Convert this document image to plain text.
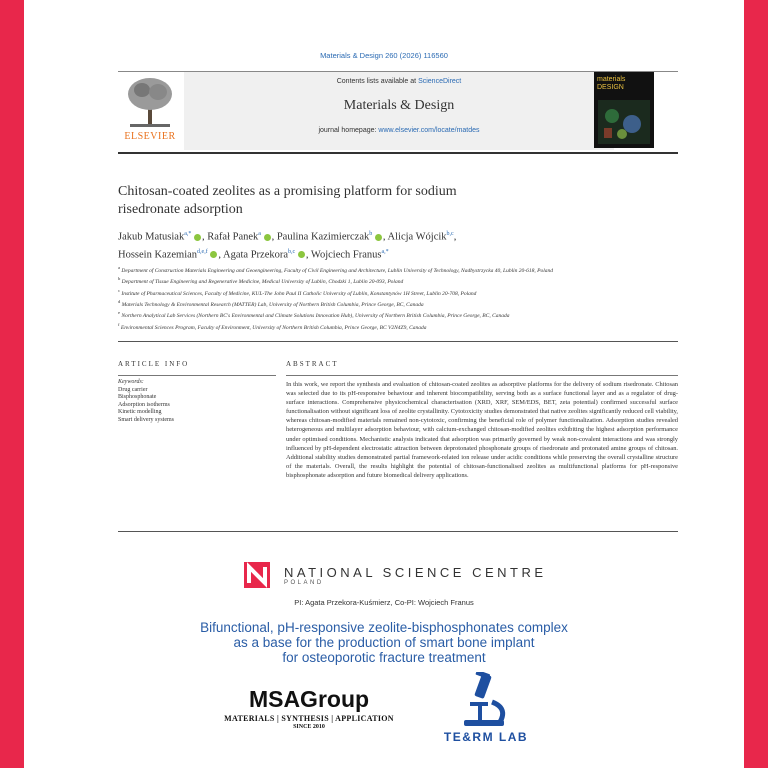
Materials & Design 260 (2026) 116560
ELSEVIER
Contents lists available at ScienceDirect
Materials & Design
journal homepage: www.elsevier.com/locate/matdes
materials
DESIGN
Chitosan-coated zeolites as a promising platform for sodium
risedronate adsorption
Jakub Matusiak$^{a,*}$ , Rafał Panek$^a$ , Paulina Kazimierczak$^b$ , Alicja Wójcik$^{b,c}$,
Hossein Kazemian$^{d,e,f}$ , Agata Przekora$^{b,c}$ , Wojciech Franus$^{a,*}$
$^a$ Department of Construction Materials Engineering and Geoengineering, Faculty of Civil Engineering and Architecture, Lublin University of Technology, Nadbystrzycka 40, Lublin 20-618, Poland
$^b$ Department of Tissue Engineering and Regenerative Medicine, Medical University of Lublin, Chodzki 1, Lublin 20-093, Poland
$^c$ Institute of Pharmaceutical Sciences, Faculty of Medicine, KUL-The John Paul II Catholic University of Lublin, Konstantynów 1H Street, Lublin 20-708, Poland
$^d$ Materials Technology & Environmental Research (MATTER) Lab, University of Northern British Columbia, Prince George, BC, Canada
$^e$ Northern Analytical Lab Services (Northern BC's Environmental and Climate Solutions Innovation Hub), University of Northern British Columbia, Prince George, BC, Canada
$^f$ Environmental Sciences Program, Faculty of Environment, University of Northern British Columbia, Prince George, BC V2N4Z9, Canada
ARTICLE INFO	ABSTRACT
Keywords:
Drug carrier
Bisphosphonate
Adsorption isotherms
Kinetic modelling
Smart delivery systems
In this work, we report the synthesis and evaluation of chitosan-coated zeolites as adsorptive platforms for the delivery of sodium risedronate. Chitosan was selected due to its pH-responsive behaviour and inherent biocompatibility, serving both as a surface functional layer and as a regulator of drug-surface interactions. Comprehensive physicochemical characterisation (XRD, XRF, SEM/EDS, BET, zeta potential) confirmed successful surface functionalisation without significant loss of zeolite crystallinity. Cytotoxicity studies demonstrated that native zeolites significantly reduced cell viability, whereas chitosan-modified materials remained non-cytotoxic, confirming the beneficial role of polymer functionalization. Adsorption studies revealed heterogeneous and multilayer adsorption behaviour, with calcium-exchanged chitosan-modified zeolites exhibiting the highest adsorption performance under optimised conditions. Mechanistic analysis indicated that adsorption was primarily governed by weak non-covalent interactions and was strongly influenced by pH-dependent electrostatic attraction between deprotonated phosphonate groups of risedronate and protonated amine groups of chitosan. Additional stability studies demonstrated partial framework-related ion release under acidic conditions while preserving the overall crystalline structure of the materials. Overall, the results highlight the potential of chitosan-functionalised zeolites as multifunctional platforms for pH-responsive bisphosphonate adsorption and future biomedical delivery applications.
NATIONAL SCIENCE CENTRE
POLAND
PI: Agata Przekora-Kuśmierz, Co-PI: Wojciech Franus
Bifunctional, pH-responsive zeolite-bisphosphonates complex
as a base for the production of smart bone implant
for osteoporotic fracture treatment
MSAGroup
MATERIALS | SYNTHESIS | APPLICATION
SINCE 2010
TE&RM LAB
